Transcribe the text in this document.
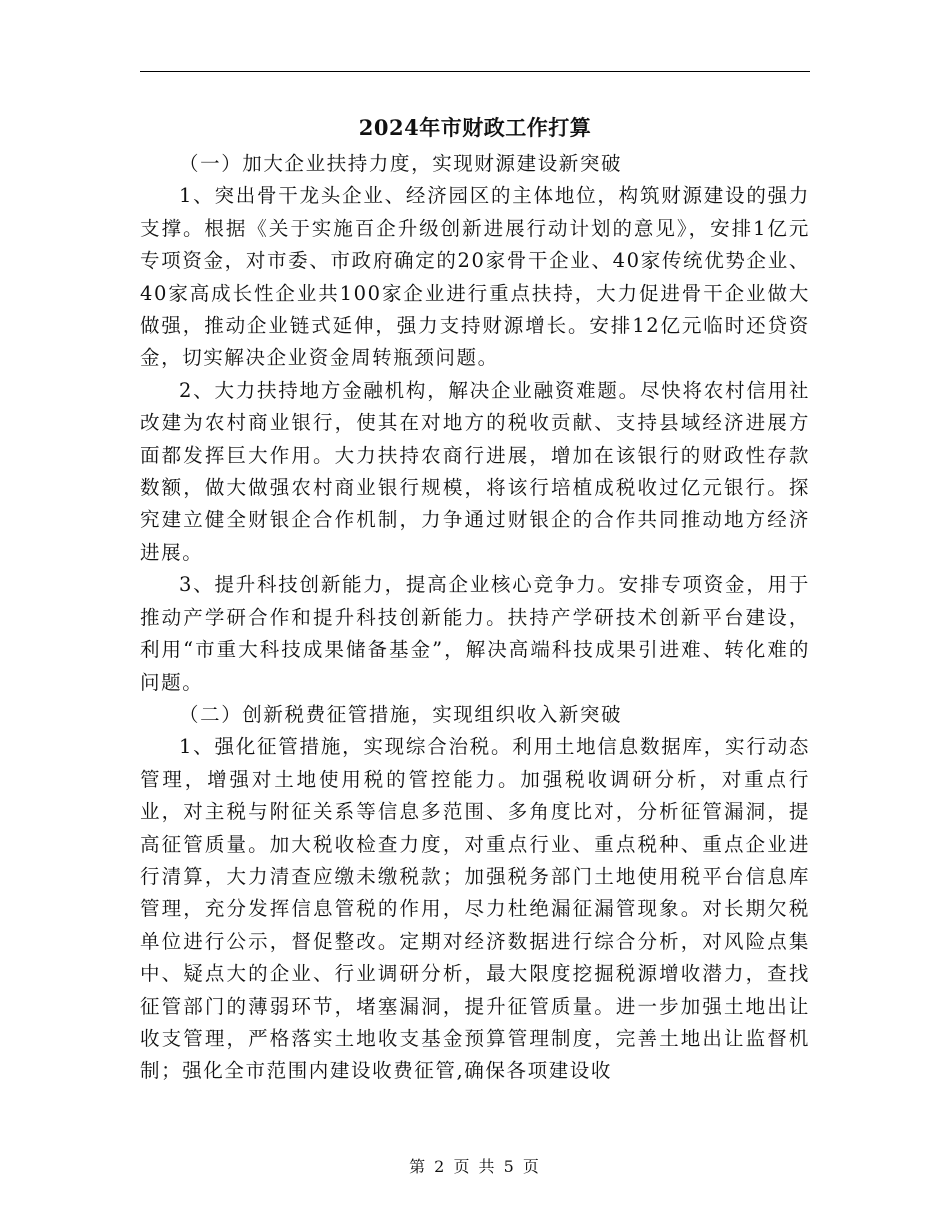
2024年市财政工作打算

（一）加大企业扶持力度，实现财源建设新突破

1、突出骨干龙头企业、经济园区的主体地位，构筑财源建设的强力支撑。根据《关于实施百企升级创新进展行动计划的意见》，安排1亿元专项资金，对市委、市政府确定的20家骨干企业、40家传统优势企业、40家高成长性企业共100家企业进行重点扶持，大力促进骨干企业做大做强，推动企业链式延伸，强力支持财源增长。安排12亿元临时还贷资金，切实解决企业资金周转瓶颈问题。

2、大力扶持地方金融机构，解决企业融资难题。尽快将农村信用社改建为农村商业银行，使其在对地方的税收贡献、支持县域经济进展方面都发挥巨大作用。大力扶持农商行进展，增加在该银行的财政性存款数额，做大做强农村商业银行规模，将该行培植成税收过亿元银行。探究建立健全财银企合作机制，力争通过财银企的合作共同推动地方经济进展。

3、提升科技创新能力，提高企业核心竞争力。安排专项资金，用于推动产学研合作和提升科技创新能力。扶持产学研技术创新平台建设，利用“市重大科技成果储备基金”，解决高端科技成果引进难、转化难的问题。

（二）创新税费征管措施，实现组织收入新突破

1、强化征管措施，实现综合治税。利用土地信息数据库，实行动态管理，增强对土地使用税的管控能力。加强税收调研分析，对重点行业，对主税与附征关系等信息多范围、多角度比对，分析征管漏洞，提高征管质量。加大税收检查力度，对重点行业、重点税种、重点企业进行清算，大力清查应缴未缴税款；加强税务部门土地使用税平台信息库管理，充分发挥信息管税的作用，尽力杜绝漏征漏管现象。对长期欠税单位进行公示，督促整改。定期对经济数据进行综合分析，对风险点集中、疑点大的企业、行业调研分析，最大限度挖掘税源增收潜力，查找征管部门的薄弱环节，堵塞漏洞，提升征管质量。进一步加强土地出让收支管理，严格落实土地收支基金预算管理制度，完善土地出让监督机制；强化全市范围内建设收费征管,确保各项建设收

第 2 页 共 5 页
